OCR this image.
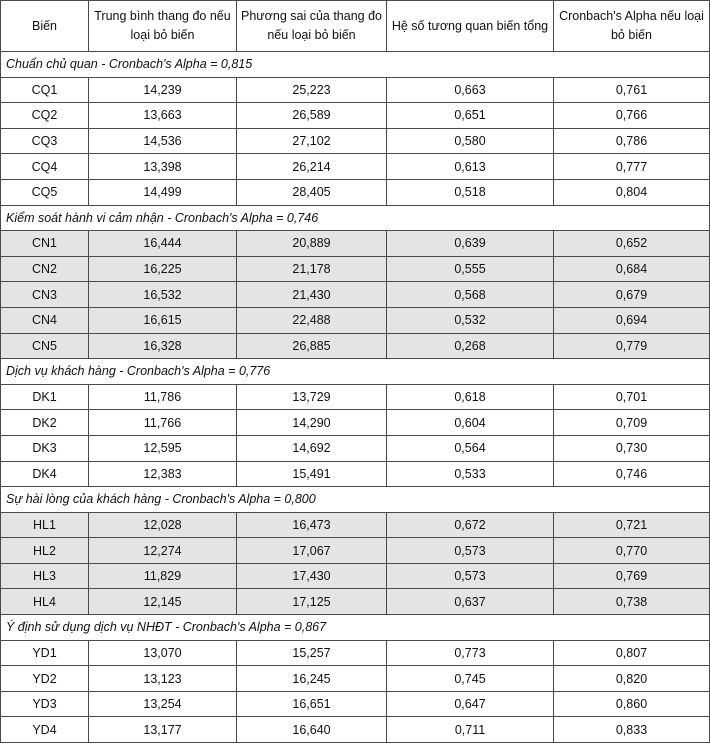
Biến	Trung bình thang đo nếu loại bỏ biến	Phương sai của thang đo nếu loại bỏ biến	Hệ số tương quan biến tổng	Cronbach's Alpha nếu loại bỏ biến
Chuẩn chủ quan - Cronbach's Alpha = 0,815				
CQ1	14,239	25,223	0,663	0,761
CQ2	13,663	26,589	0,651	0,766
CQ3	14,536	27,102	0,580	0,786
CQ4	13,398	26,214	0,613	0,777
CQ5	14,499	28,405	0,518	0,804
Kiểm soát hành vi cảm nhận - Cronbach's Alpha = 0,746				
CN1	16,444	20,889	0,639	0,652
CN2	16,225	21,178	0,555	0,684
CN3	16,532	21,430	0,568	0,679
CN4	16,615	22,488	0,532	0,694
CN5	16,328	26,885	0,268	0,779
Dịch vụ khách hàng - Cronbach's Alpha = 0,776				
DK1	11,786	13,729	0,618	0,701
DK2	11,766	14,290	0,604	0,709
DK3	12,595	14,692	0,564	0,730
DK4	12,383	15,491	0,533	0,746
Sự hài lòng của khách hàng - Cronbach's Alpha = 0,800				
HL1	12,028	16,473	0,672	0,721
HL2	12,274	17,067	0,573	0,770
HL3	11,829	17,430	0,573	0,769
HL4	12,145	17,125	0,637	0,738
Ý định sử dụng dịch vụ NHĐT - Cronbach's Alpha = 0,867				
YD1	13,070	15,257	0,773	0,807
YD2	13,123	16,245	0,745	0,820
YD3	13,254	16,651	0,647	0,860
YD4	13,177	16,640	0,711	0,833
